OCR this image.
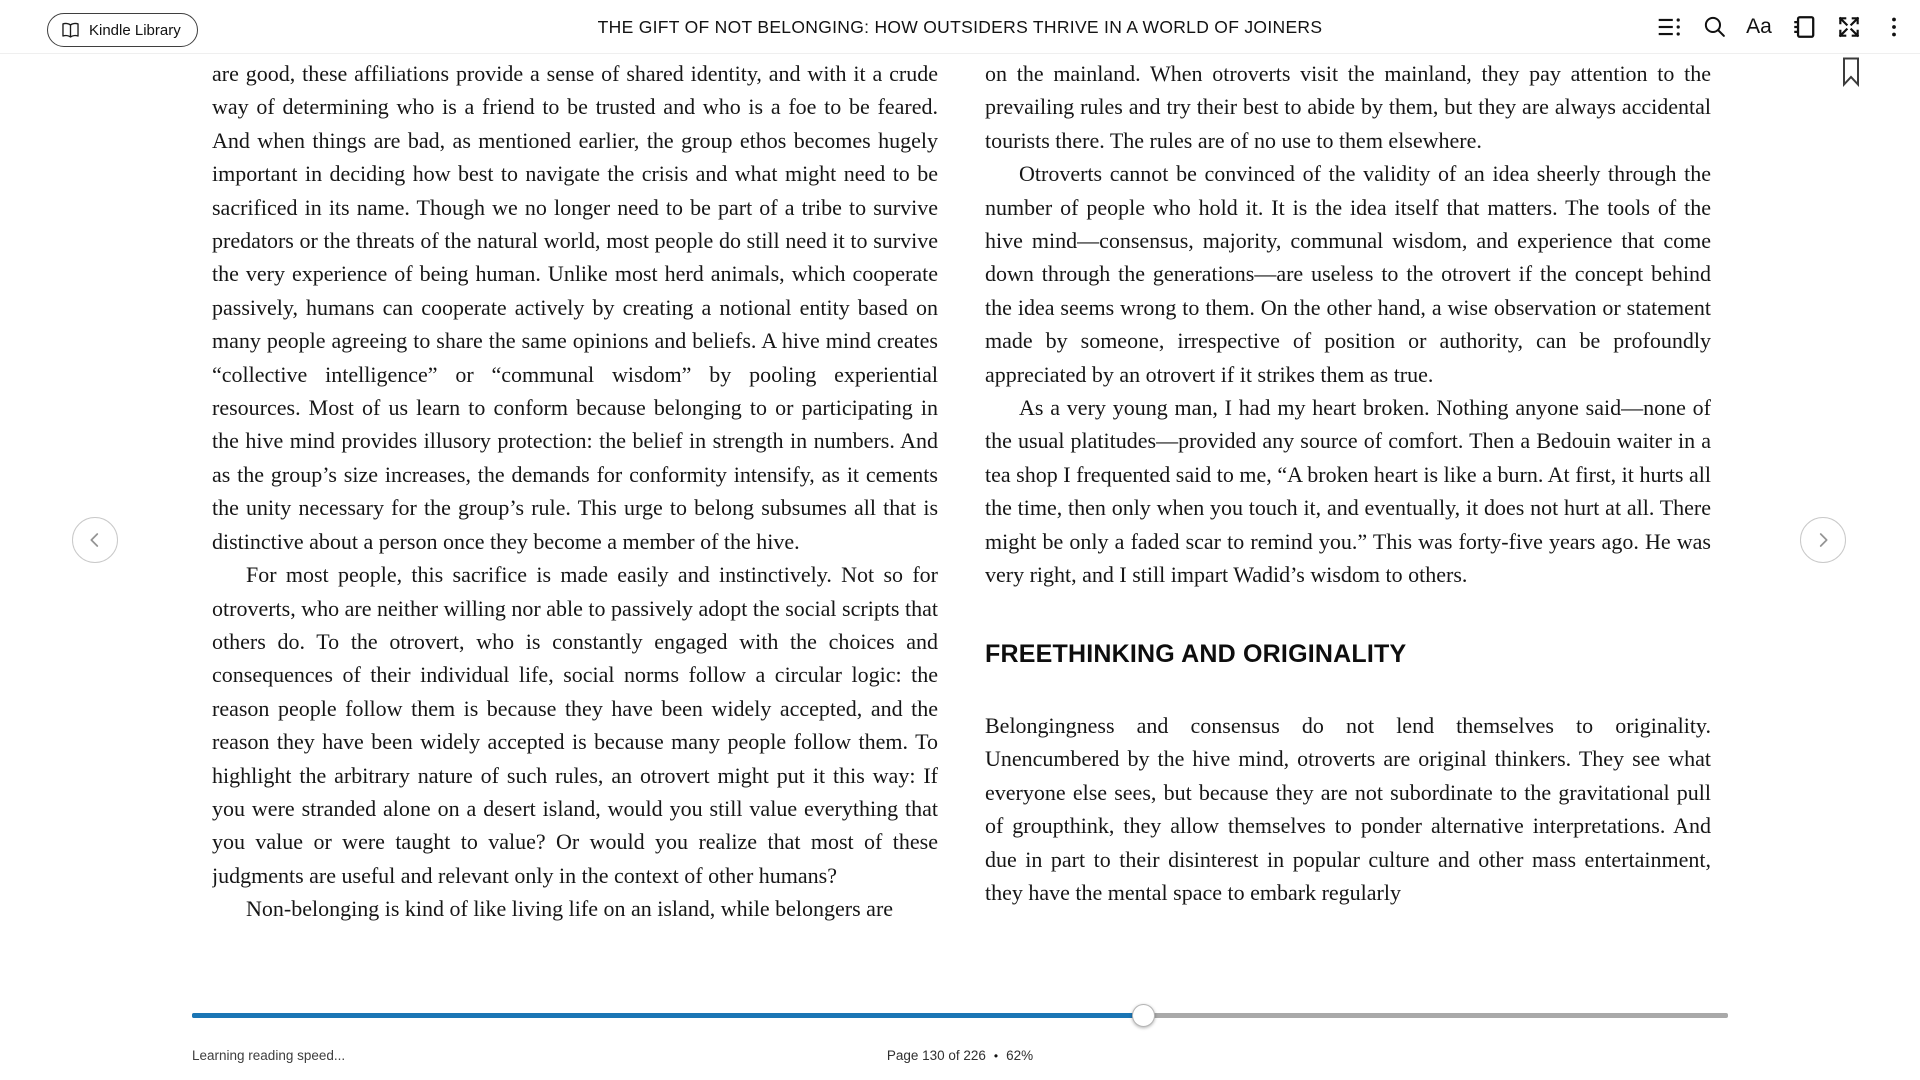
Kindle Library	THE GIFT OF NOT BELONGING: HOW OUTSIDERS THRIVE IN A WORLD OF JOINERS	Aa

are good, these affiliations provide a sense of shared identity, and with it a crude way of determining who is a friend to be trusted and who is a foe to be feared. And when things are bad, as mentioned earlier, the group ethos becomes hugely important in deciding how best to navigate the crisis and what might need to be sacrificed in its name. Though we no longer need to be part of a tribe to survive predators or the threats of the natural world, most people do still need it to survive the very experience of being human. Unlike most herd animals, which cooperate passively, humans can cooperate actively by creating a notional entity based on many people agreeing to share the same opinions and beliefs. A hive mind creates “collective intelligence” or “communal wisdom” by pooling experiential resources. Most of us learn to conform because belonging to or participating in the hive mind provides illusory protection: the belief in strength in numbers. And as the group’s size increases, the demands for conformity intensify, as it cements the unity necessary for the group’s rule. This urge to belong subsumes all that is distinctive about a person once they become a member of the hive.

For most people, this sacrifice is made easily and instinctively. Not so for otroverts, who are neither willing nor able to passively adopt the social scripts that others do. To the otrovert, who is constantly engaged with the choices and consequences of their individual life, social norms follow a circular logic: the reason people follow them is because they have been widely accepted, and the reason they have been widely accepted is because many people follow them. To highlight the arbitrary nature of such rules, an otrovert might put it this way: If you were stranded alone on a desert island, would you still value everything that you value or were taught to value? Or would you realize that most of these judgments are useful and relevant only in the context of other humans?

Non-belonging is kind of like living life on an island, while belongers are

on the mainland. When otroverts visit the mainland, they pay attention to the prevailing rules and try their best to abide by them, but they are always accidental tourists there. The rules are of no use to them elsewhere.

Otroverts cannot be convinced of the validity of an idea sheerly through the number of people who hold it. It is the idea itself that matters. The tools of the hive mind—consensus, majority, communal wisdom, and experience that come down through the generations—are useless to the otrovert if the concept behind the idea seems wrong to them. On the other hand, a wise observation or statement made by someone, irrespective of position or authority, can be profoundly appreciated by an otrovert if it strikes them as true.

As a very young man, I had my heart broken. Nothing anyone said—none of the usual platitudes—provided any source of comfort. Then a Bedouin waiter in a tea shop I frequented said to me, “A broken heart is like a burn. At first, it hurts all the time, then only when you touch it, and eventually, it does not hurt at all. There might be only a faded scar to remind you.” This was forty-five years ago. He was very right, and I still impart Wadid’s wisdom to others.

FREETHINKING AND ORIGINALITY

Belongingness and consensus do not lend themselves to originality. Unencumbered by the hive mind, otroverts are original thinkers. They see what everyone else sees, but because they are not subordinate to the gravitational pull of groupthink, they allow themselves to ponder alternative interpretations. And due in part to their disinterest in popular culture and other mass entertainment, they have the mental space to embark regularly

Learning reading speed...	Page 130 of 226 • 62%
